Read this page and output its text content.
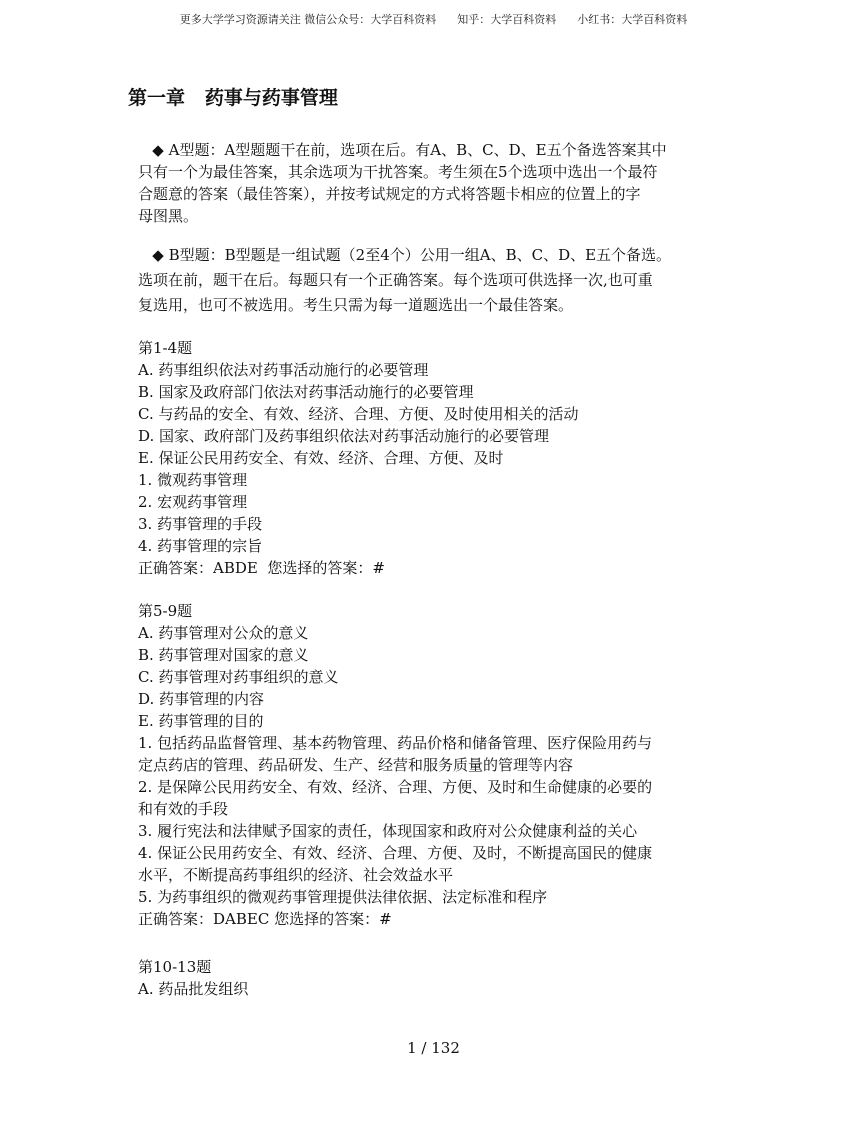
更多大学学习资源请关注 微信公众号：大学百科资料      知乎：大学百科资料      小红书：大学百科资料
第一章   药事与药事管理
◆ A型题：A型题题干在前，选项在后。有A、B、C、D、E五个备选答案其中
只有一个为最佳答案，其余选项为干扰答案。考生须在5个选项中选出一个最符
合题意的答案（最佳答案），并按考试规定的方式将答题卡相应的位置上的字
母图黑。
◆ B型题：B型题是一组试题（2至4个）公用一组A、B、C、D、E五个备选。
选项在前，题干在后。每题只有一个正确答案。每个选项可供选择一次,也可重
复选用，也可不被选用。考生只需为每一道题选出一个最佳答案。
第1-4题
A. 药事组织依法对药事活动施行的必要管理
B. 国家及政府部门依法对药事活动施行的必要管理
C. 与药品的安全、有效、经济、合理、方便、及时使用相关的活动
D. 国家、政府部门及药事组织依法对药事活动施行的必要管理
E. 保证公民用药安全、有效、经济、合理、方便、及时
1. 微观药事管理
2. 宏观药事管理
3. 药事管理的手段
4. 药事管理的宗旨
正确答案：ABDE  您选择的答案：#
第5-9题
A. 药事管理对公众的意义
B. 药事管理对国家的意义
C. 药事管理对药事组织的意义
D. 药事管理的内容
E. 药事管理的目的
1. 包括药品监督管理、基本药物管理、药品价格和储备管理、医疗保险用药与
定点药店的管理、药品研发、生产、经营和服务质量的管理等内容
2. 是保障公民用药安全、有效、经济、合理、方便、及时和生命健康的必要的
和有效的手段
3. 履行宪法和法律赋予国家的责任，体现国家和政府对公众健康利益的关心
4. 保证公民用药安全、有效、经济、合理、方便、及时，不断提高国民的健康
水平，不断提高药事组织的经济、社会效益水平
5. 为药事组织的微观药事管理提供法律依据、法定标准和程序
正确答案：DABEC 您选择的答案：#
第10-13题
A. 药品批发组织
1 / 132
